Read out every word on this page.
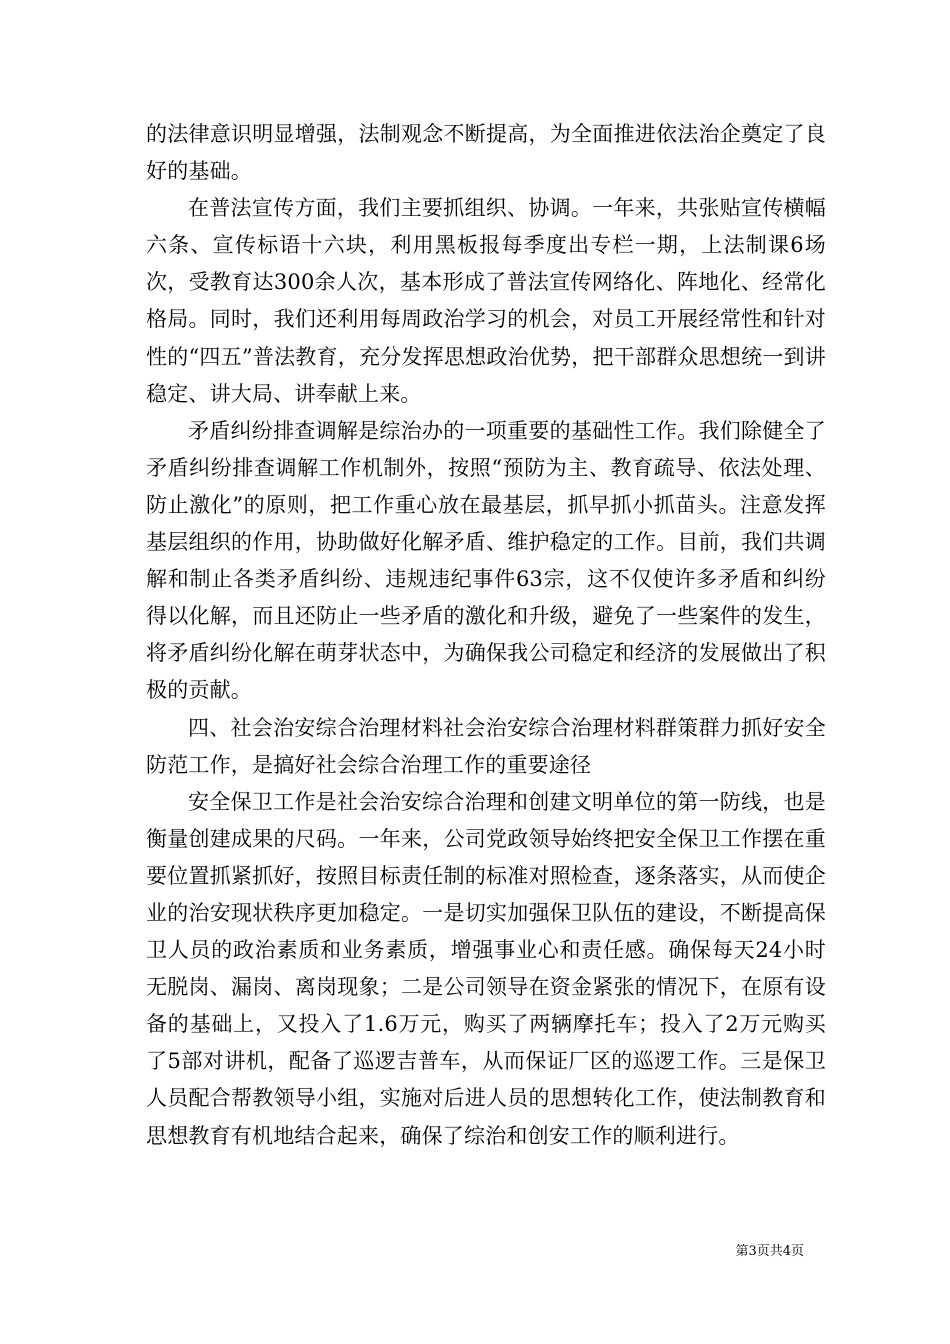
的法律意识明显增强，法制观念不断提高，为全面推进依法治企奠定了良好的基础。

在普法宣传方面，我们主要抓组织、协调。一年来，共张贴宣传横幅六条、宣传标语十六块，利用黑板报每季度出专栏一期，上法制课6场次，受教育达300余人次，基本形成了普法宣传网络化、阵地化、经常化格局。同时，我们还利用每周政治学习的机会，对员工开展经常性和针对性的“四五”普法教育，充分发挥思想政治优势，把干部群众思想统一到讲稳定、讲大局、讲奉献上来。

矛盾纠纷排查调解是综治办的一项重要的基础性工作。我们除健全了矛盾纠纷排查调解工作机制外，按照“预防为主、教育疏导、依法处理、防止激化”的原则，把工作重心放在最基层，抓早抓小抓苗头。注意发挥基层组织的作用，协助做好化解矛盾、维护稳定的工作。目前，我们共调解和制止各类矛盾纠纷、违规违纪事件63宗，这不仅使许多矛盾和纠纷得以化解，而且还防止一些矛盾的激化和升级，避免了一些案件的发生，将矛盾纠纷化解在萌芽状态中，为确保我公司稳定和经济的发展做出了积极的贡献。

四、社会治安综合治理材料社会治安综合治理材料群策群力抓好安全防范工作，是搞好社会综合治理工作的重要途径

安全保卫工作是社会治安综合治理和创建文明单位的第一防线，也是衡量创建成果的尺码。一年来，公司党政领导始终把安全保卫工作摆在重要位置抓紧抓好，按照目标责任制的标准对照检查，逐条落实，从而使企业的治安现状秩序更加稳定。一是切实加强保卫队伍的建设，不断提高保卫人员的政治素质和业务素质，增强事业心和责任感。确保每天24小时无脱岗、漏岗、离岗现象；二是公司领导在资金紧张的情况下，在原有设备的基础上，又投入了1.6万元，购买了两辆摩托车；投入了2万元购买了5部对讲机，配备了巡逻吉普车，从而保证厂区的巡逻工作。三是保卫人员配合帮教领导小组，实施对后进人员的思想转化工作，使法制教育和思想教育有机地结合起来，确保了综治和创安工作的顺利进行。

第3页共4页
